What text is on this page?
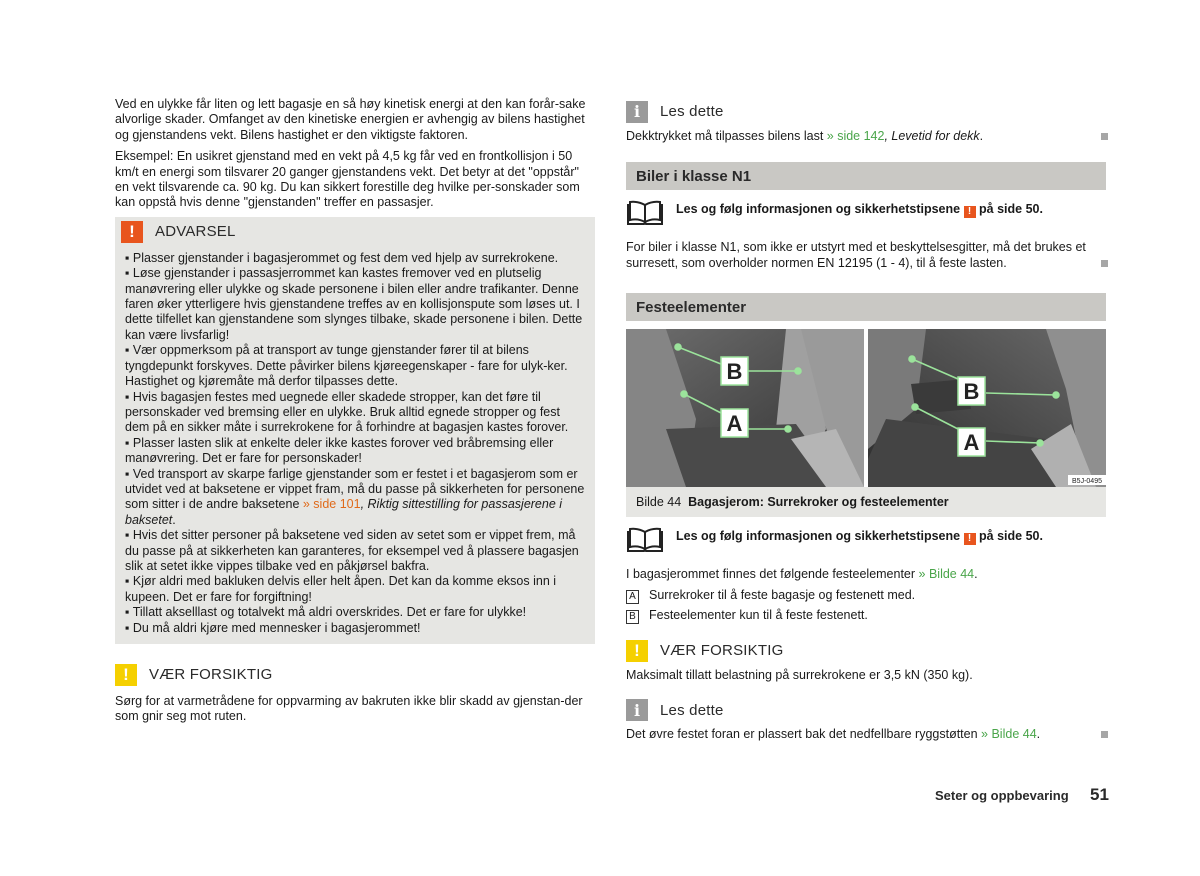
Ved en ulykke får liten og lett bagasje en så høy kinetisk energi at den kan forår-sake alvorlige skader. Omfanget av den kinetiske energien er avhengig av bilens hastighet og gjenstandens vekt. Bilens hastighet er den viktigste faktoren.

Eksempel: En usikret gjenstand med en vekt på 4,5 kg får ved en frontkollisjon i 50 km/t en energi som tilsvarer 20 ganger gjenstandens vekt. Det betyr at det "oppstår" en vekt tilsvarende ca. 90 kg. Du kan sikkert forestille deg hvilke per-sonskader som kan oppstå hvis denne "gjenstanden" treffer en passasjer.

!	ADVARSEL
▪ Plasser gjenstander i bagasjerommet og fest dem ved hjelp av surrekrokene.
▪ Løse gjenstander i passasjerrommet kan kastes fremover ved en plutselig manøvrering eller ulykke og skade personene i bilen eller andre trafikanter. Denne faren øker ytterligere hvis gjenstandene treffes av en kollisjonspute som løses ut. I dette tilfellet kan gjenstandene som slynges tilbake, skade personene i bilen. Dette kan være livsfarlig!
▪ Vær oppmerksom på at transport av tunge gjenstander fører til at bilens tyngdepunkt forskyves. Dette påvirker bilens kjøreegenskaper - fare for ulyk-ker. Hastighet og kjøremåte må derfor tilpasses dette.
▪ Hvis bagasjen festes med uegnede eller skadede stropper, kan det føre til personskader ved bremsing eller en ulykke. Bruk alltid egnede stropper og fest dem på en sikker måte i surrekrokene for å forhindre at bagasjen kastes forover.
▪ Plasser lasten slik at enkelte deler ikke kastes forover ved bråbremsing eller manøvrering. Det er fare for personskader!
▪ Ved transport av skarpe farlige gjenstander som er festet i et bagasjerom som er utvidet ved at baksetene er vippet fram, må du passe på sikkerheten for personene som sitter i de andre baksetene » side 101, Riktig sittestilling for passasjerene i baksetet.
▪ Hvis det sitter personer på baksetene ved siden av setet som er vippet frem, må du passe på at sikkerheten kan garanteres, for eksempel ved å plassere bagasjen slik at setet ikke vippes tilbake ved en påkjørsel bakfra.
▪ Kjør aldri med bakluken delvis eller helt åpen. Det kan da komme eksos inn i kupeen. Det er fare for forgiftning!
▪ Tillatt akselllast og totalvekt må aldri overskrides. Det er fare for ulykke!
▪ Du må aldri kjøre med mennesker i bagasjerommet!
!	VÆR FORSIKTIG

Sørg for at varmetrådene for oppvarming av bakruten ikke blir skadd av gjenstan-der som gnir seg mot ruten.

i	Les dette

Dekktrykket må tilpasses bilens last » side 142, Levetid for dekk.

Biler i klasse N1
Les og følg informasjonen og sikkerhetstipsene ! på side 50.

For biler i klasse N1, som ikke er utstyrt med et beskyttelsesgitter, må det brukes et surresett, som overholder normen EN 12195 (1 - 4), til å feste lasten.

Festeelementer
B
A
B
A
B5J-0495
Bilde 44 Bagasjerom: Surrekroker og festeelementer
Les og følg informasjonen og sikkerhetstipsene ! på side 50.

I bagasjerommet finnes det følgende festeelementer » Bilde 44.

A Surrekroker til å feste bagasje og festenett med.
B Festeelementer kun til å feste festenett.
!	VÆR FORSIKTIG

Maksimalt tillatt belastning på surrekrokene er 3,5 kN (350 kg).

i	Les dette

Det øvre festet foran er plassert bak det nedfellbare ryggstøtten » Bilde 44.

Seter og oppbevaring 51
